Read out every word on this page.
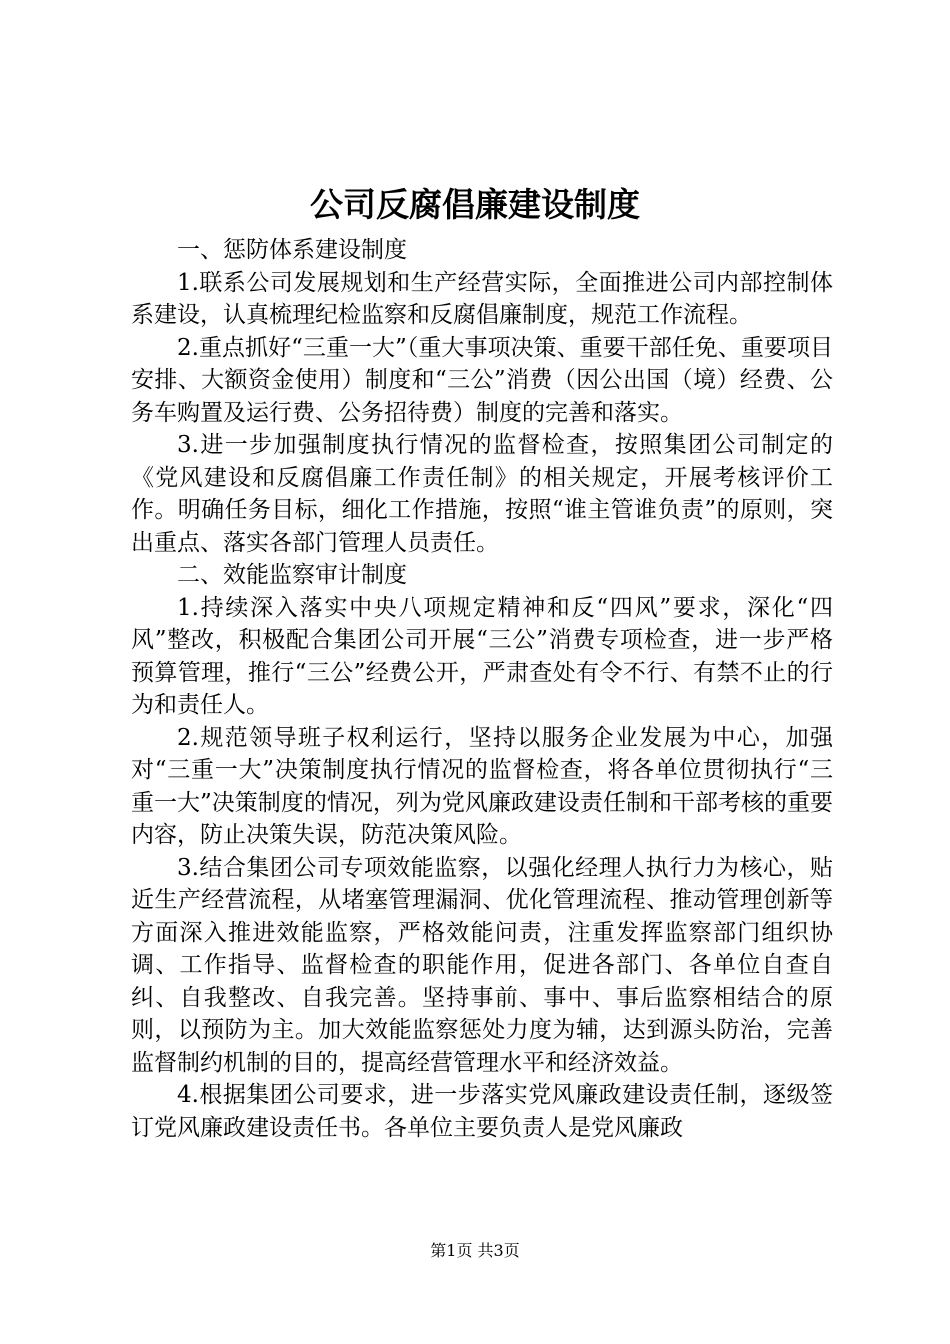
公司反腐倡廉建设制度

一、惩防体系建设制度

1.联系公司发展规划和生产经营实际，全面推进公司内部控制体系建设，认真梳理纪检监察和反腐倡廉制度，规范工作流程。

2.重点抓好“三重一大”（重大事项决策、重要干部任免、重要项目安排、大额资金使用）制度和“三公”消费（因公出国（境）经费、公务车购置及运行费、公务招待费）制度的完善和落实。

3.进一步加强制度执行情况的监督检查，按照集团公司制定的《党风建设和反腐倡廉工作责任制》的相关规定，开展考核评价工作。明确任务目标，细化工作措施，按照“谁主管谁负责”的原则，突出重点、落实各部门管理人员责任。

二、效能监察审计制度

1.持续深入落实中央八项规定精神和反“四风”要求，深化“四风”整改，积极配合集团公司开展“三公”消费专项检查，进一步严格预算管理，推行“三公”经费公开，严肃查处有令不行、有禁不止的行为和责任人。

2.规范领导班子权利运行，坚持以服务企业发展为中心，加强对“三重一大”决策制度执行情况的监督检查，将各单位贯彻执行“三重一大”决策制度的情况，列为党风廉政建设责任制和干部考核的重要内容，防止决策失误，防范决策风险。

3.结合集团公司专项效能监察，以强化经理人执行力为核心，贴近生产经营流程，从堵塞管理漏洞、优化管理流程、推动管理创新等方面深入推进效能监察，严格效能问责，注重发挥监察部门组织协调、工作指导、监督检查的职能作用，促进各部门、各单位自查自纠、自我整改、自我完善。坚持事前、事中、事后监察相结合的原则，以预防为主。加大效能监察惩处力度为辅，达到源头防治，完善监督制约机制的目的，提高经营管理水平和经济效益。

4.根据集团公司要求，进一步落实党风廉政建设责任制，逐级签订党风廉政建设责任书。各单位主要负责人是党风廉政

第1页 共3页
